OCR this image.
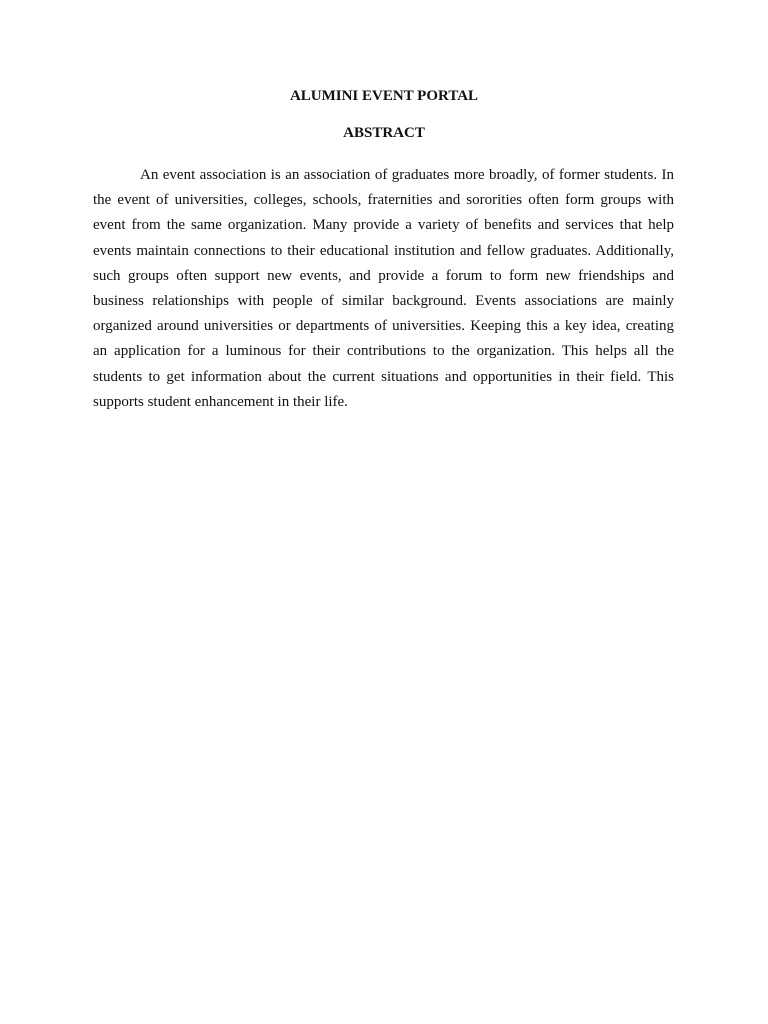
ALUMINI EVENT PORTAL
ABSTRACT

An event association is an association of graduates more broadly, of former students. In the event of universities, colleges, schools, fraternities and sororities often form groups with event from the same organization. Many provide a variety of benefits and services that help events maintain connections to their educational institution and fellow graduates. Additionally, such groups often support new events, and provide a forum to form new friendships and business relationships with people of similar background. Events associations are mainly organized around universities or departments of universities. Keeping this a key idea, creating an application for a luminous for their contributions to the organization. This helps all the students to get information about the current situations and opportunities in their field. This supports student enhancement in their life.
